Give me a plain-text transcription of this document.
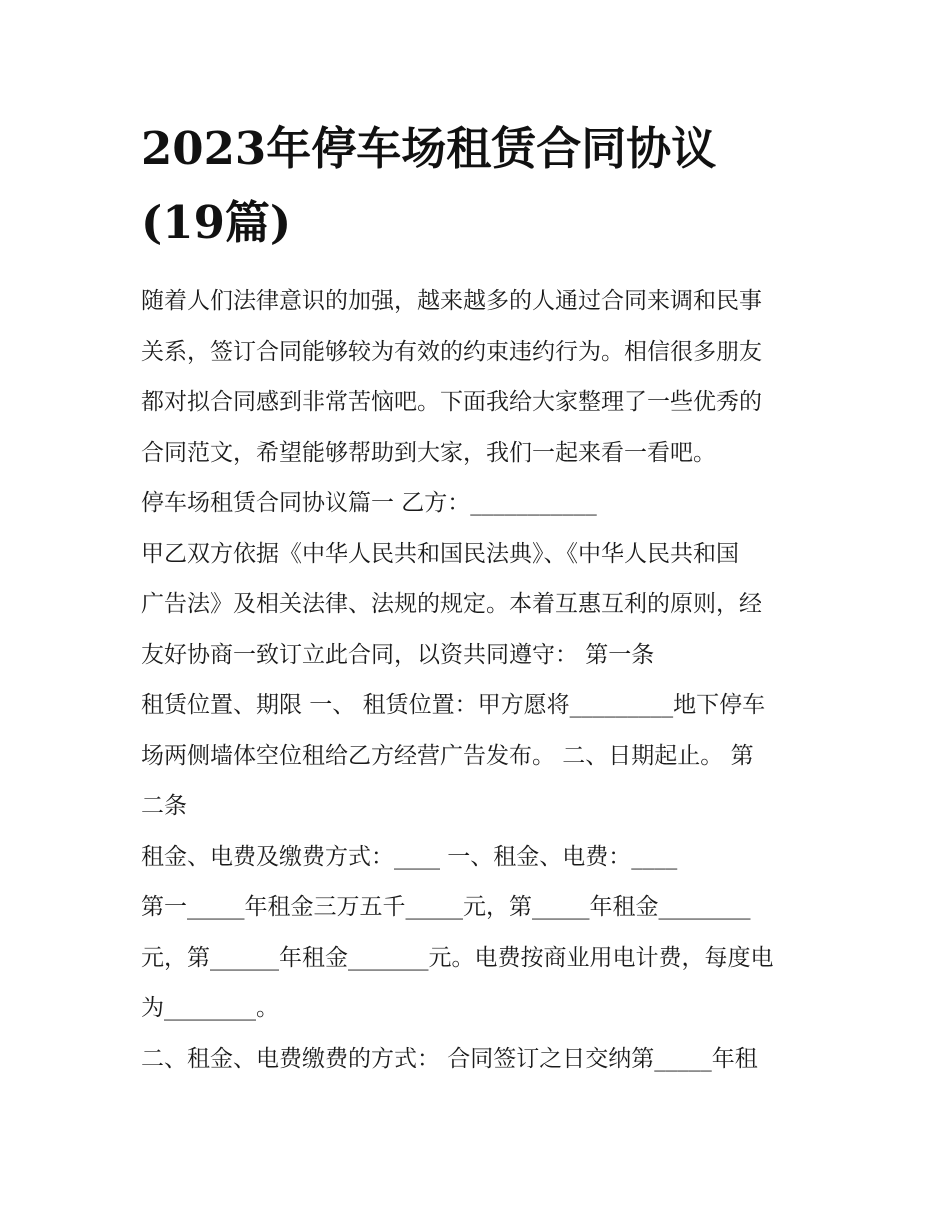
2023年停车场租赁合同协议
(19篇)
随着人们法律意识的加强，越来越多的人通过合同来调和民事
关系，签订合同能够较为有效的约束违约行为。相信很多朋友
都对拟合同感到非常苦恼吧。下面我给大家整理了一些优秀的
合同范文，希望能够帮助到大家，我们一起来看一看吧。
停车场租赁合同协议篇一 乙方：___________
甲乙双方依据《中华人民共和国民法典》、《中华人民共和国
广告法》及相关法律、法规的规定。本着互惠互利的原则，经
友好协商一致订立此合同，以资共同遵守： 第一条
租赁位置、期限 一、 租赁位置：甲方愿将_________地下停车
场两侧墙体空位租给乙方经营广告发布。 二、日期起止。 第
二条
租金、电费及缴费方式：____ 一、租金、电费：____
第一_____年租金三万五千_____元，第_____年租金________
元，第______年租金_______元。电费按商业用电计费，每度电
为________。
二、租金、电费缴费的方式： 合同签订之日交纳第_____年租
